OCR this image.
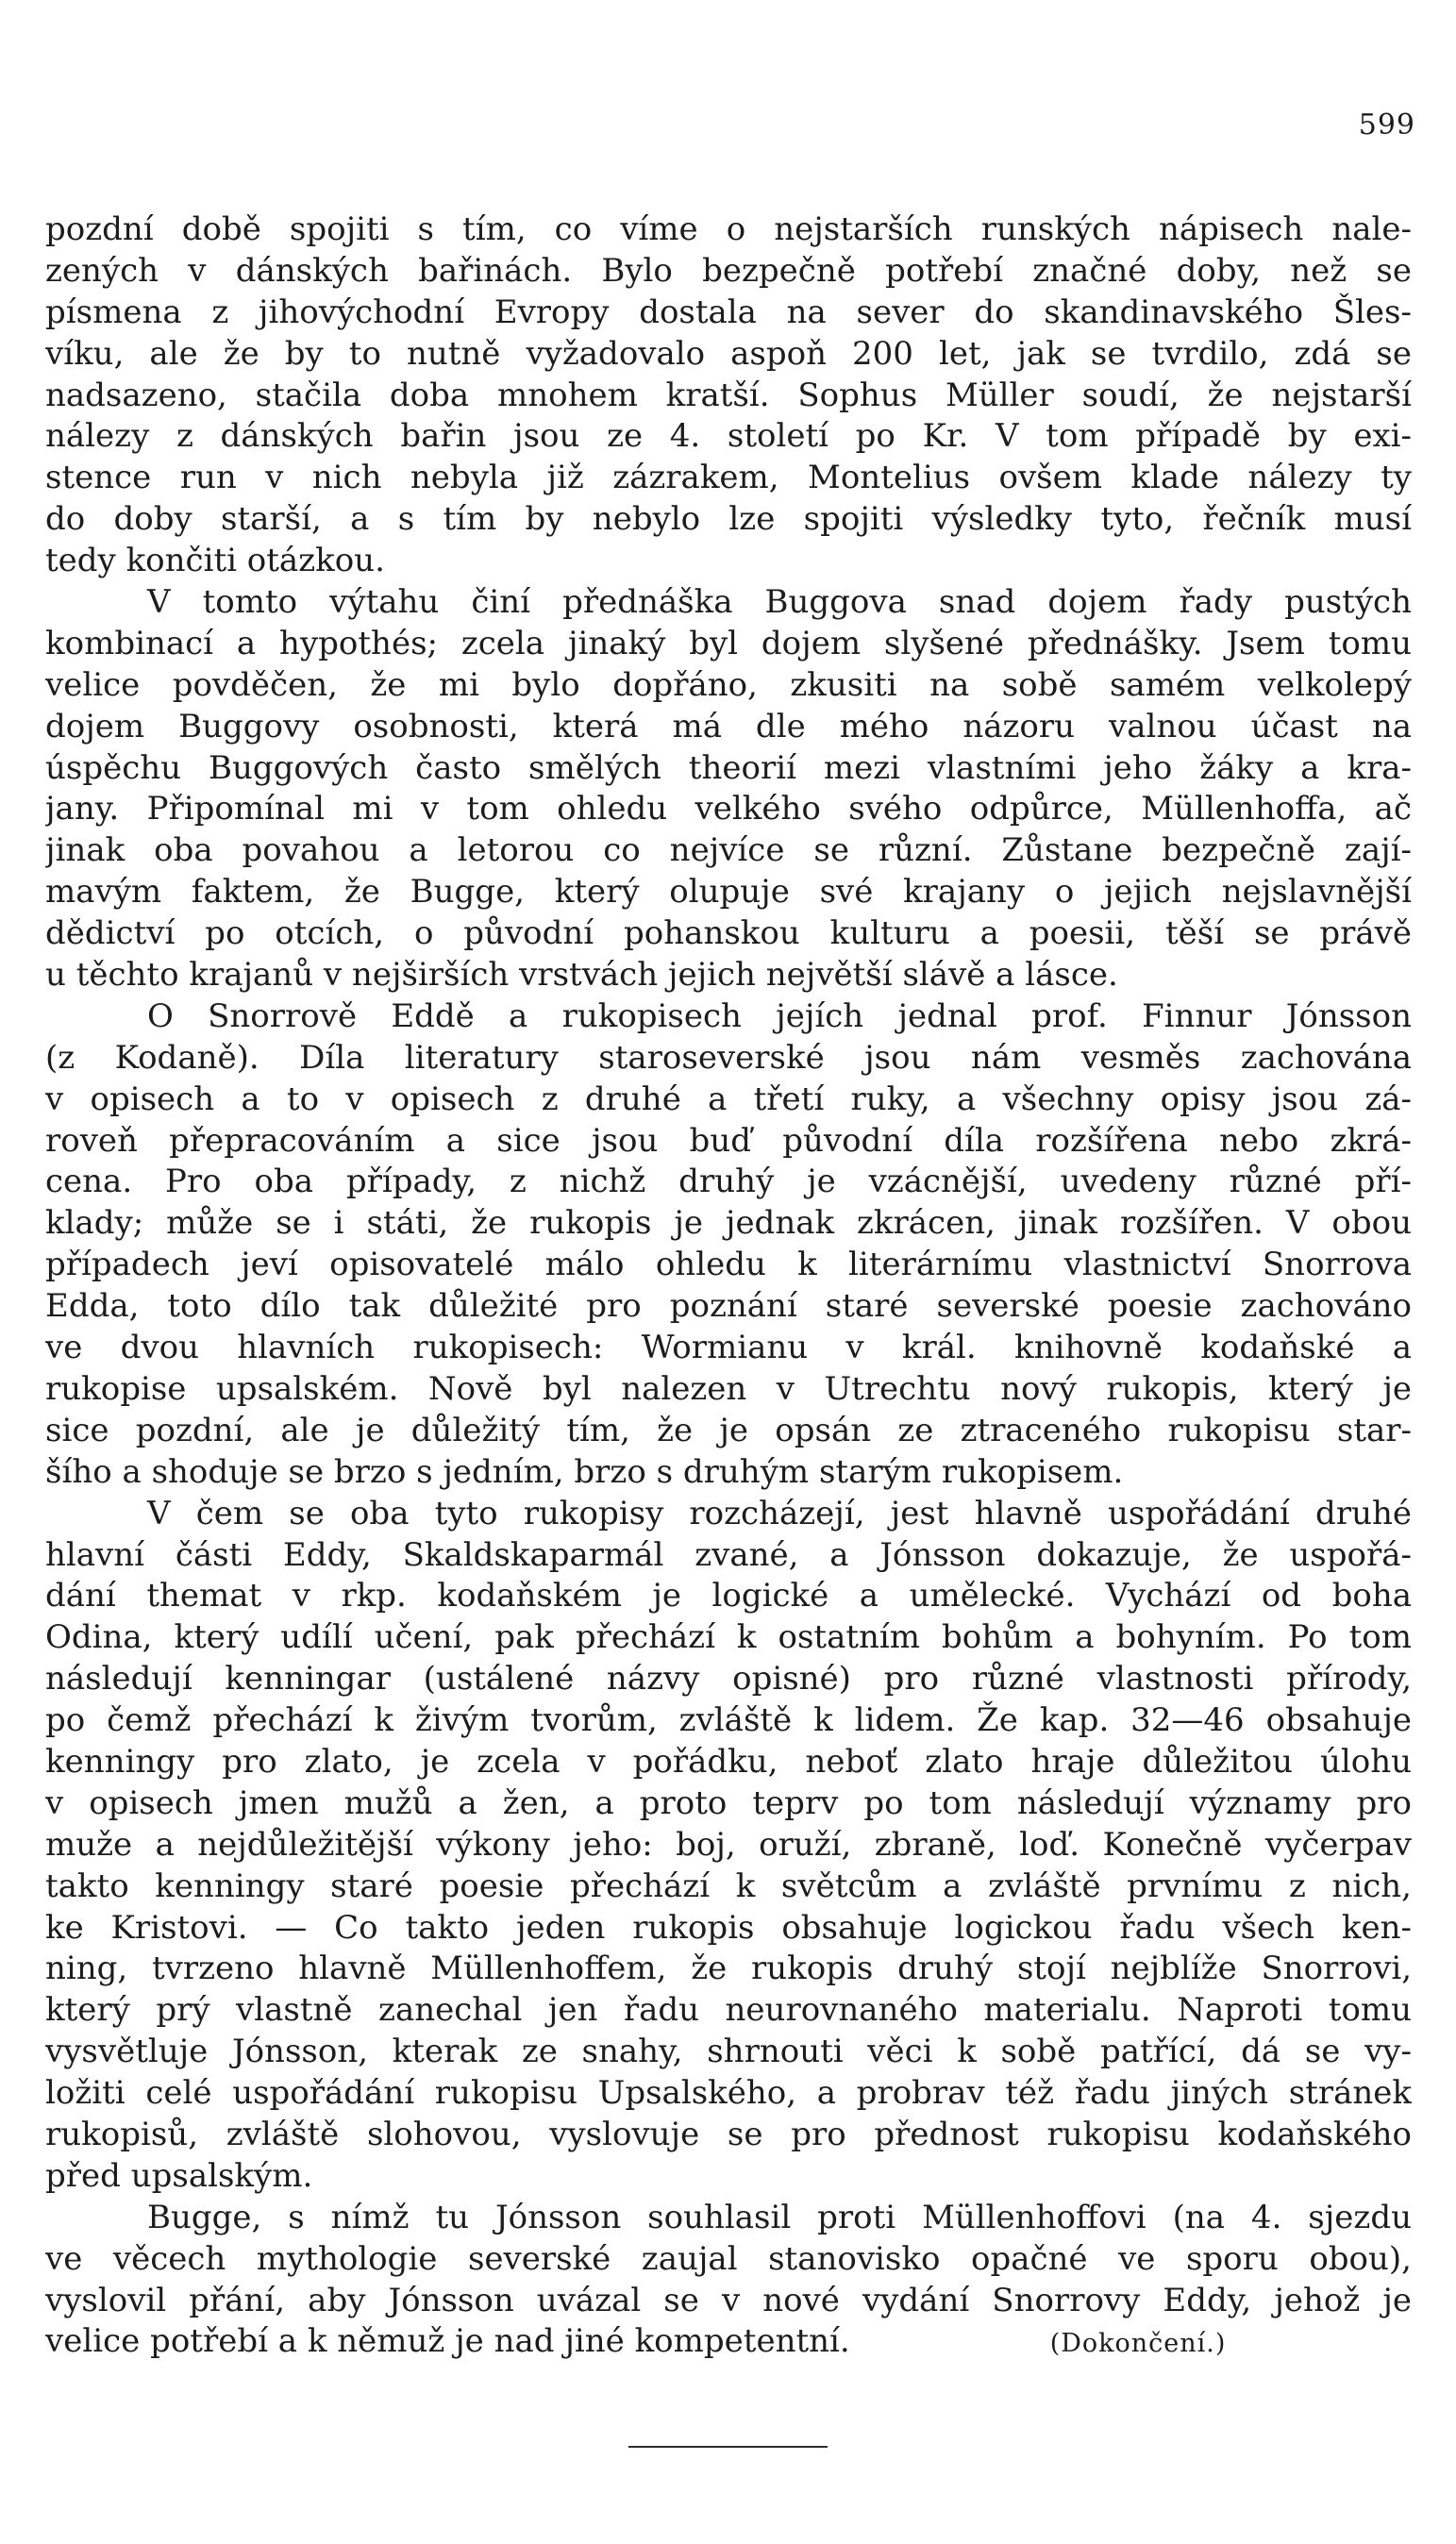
599
pozdní době spojiti s tím, co víme o nejstarších runských nápisech nale-
zených v dánských bařinách. Bylo bezpečně potřebí značné doby, než se
písmena z jihovýchodní Evropy dostala na sever do skandinavského Šles-
víku, ale že by to nutně vyžadovalo aspoň 200 let, jak se tvrdilo, zdá se
nadsazeno, stačila doba mnohem kratší. Sophus Müller soudí, že nejstarší
nálezy z dánských bařin jsou ze 4. století po Kr. V tom případě by exi-
stence run v nich nebyla již zázrakem, Montelius ovšem klade nálezy ty
do doby starší, a s tím by nebylo lze spojiti výsledky tyto, řečník musí
tedy končiti otázkou.
V tomto výtahu činí přednáška Buggova snad dojem řady pustých
kombinací a hypothés; zcela jinaký byl dojem slyšené přednášky. Jsem tomu
velice povděčen, že mi bylo dopřáno, zkusiti na sobě samém velkolepý
dojem Buggovy osobnosti, která má dle mého názoru valnou účast na
úspěchu Buggových často smělých theorií mezi vlastními jeho žáky a kra-
jany. Připomínal mi v tom ohledu velkého svého odpůrce, Müllenhoffa, ač
jinak oba povahou a letorou co nejvíce se různí. Zůstane bezpečně zají-
mavým faktem, že Bugge, který olupuje své krajany o jejich nejslavnější
dědictví po otcích, o původní pohanskou kulturu a poesii, těší se právě
u těchto krajanů v nejširších vrstvách jejich největší slávě a lásce.
O Snorrově Eddě a rukopisech jejích jednal prof. Finnur Jónsson
(z Kodaně). Díla literatury staroseverské jsou nám vesměs zachována
v opisech a to v opisech z druhé a třetí ruky, a všechny opisy jsou zá-
roveň přepracováním a sice jsou buď původní díla rozšířena nebo zkrá-
cena. Pro oba případy, z nichž druhý je vzácnější, uvedeny různé pří-
klady; může se i státi, že rukopis je jednak zkrácen, jinak rozšířen. V obou
případech jeví opisovatelé málo ohledu k literárnímu vlastnictví Snorrova
Edda, toto dílo tak důležité pro poznání staré severské poesie zachováno
ve dvou hlavních rukopisech: Wormianu v král. knihovně kodaňské a
rukopise upsalském. Nově byl nalezen v Utrechtu nový rukopis, který je
sice pozdní, ale je důležitý tím, že je opsán ze ztraceného rukopisu star-
šího a shoduje se brzo s jedním, brzo s druhým starým rukopisem.
V čem se oba tyto rukopisy rozcházejí, jest hlavně uspořádání druhé
hlavní části Eddy, Skaldskaparmál zvané, a Jónsson dokazuje, že uspořá-
dání themat v rkp. kodaňském je logické a umělecké. Vychází od boha
Odina, který udílí učení, pak přechází k ostatním bohům a bohyním. Po tom
následují kenningar (ustálené názvy opisné) pro různé vlastnosti přírody,
po čemž přechází k živým tvorům, zvláště k lidem. Že kap. 32—46 obsahuje
kenningy pro zlato, je zcela v pořádku, neboť zlato hraje důležitou úlohu
v opisech jmen mužů a žen, a proto teprv po tom následují významy pro
muže a nejdůležitější výkony jeho: boj, oruží, zbraně, loď. Konečně vyčerpav
takto kenningy staré poesie přechází k světcům a zvláště prvnímu z nich,
ke Kristovi. — Co takto jeden rukopis obsahuje logickou řadu všech ken-
ning, tvrzeno hlavně Müllenhoffem, že rukopis druhý stojí nejblíže Snorrovi,
který prý vlastně zanechal jen řadu neurovnaného materialu. Naproti tomu
vysvětluje Jónsson, kterak ze snahy, shrnouti věci k sobě patřící, dá se vy-
ložiti celé uspořádání rukopisu Upsalského, a probrav též řadu jiných stránek
rukopisů, zvláště slohovou, vyslovuje se pro přednost rukopisu kodaňského
před upsalským.
Bugge, s nímž tu Jónsson souhlasil proti Müllenhoffovi (na 4. sjezdu
ve věcech mythologie severské zaujal stanovisko opačné ve sporu obou),
vyslovil přání, aby Jónsson uvázal se v nové vydání Snorrovy Eddy, jehož je
velice potřebí a k němuž je nad jiné kompetentní.	(Dokončení.)
